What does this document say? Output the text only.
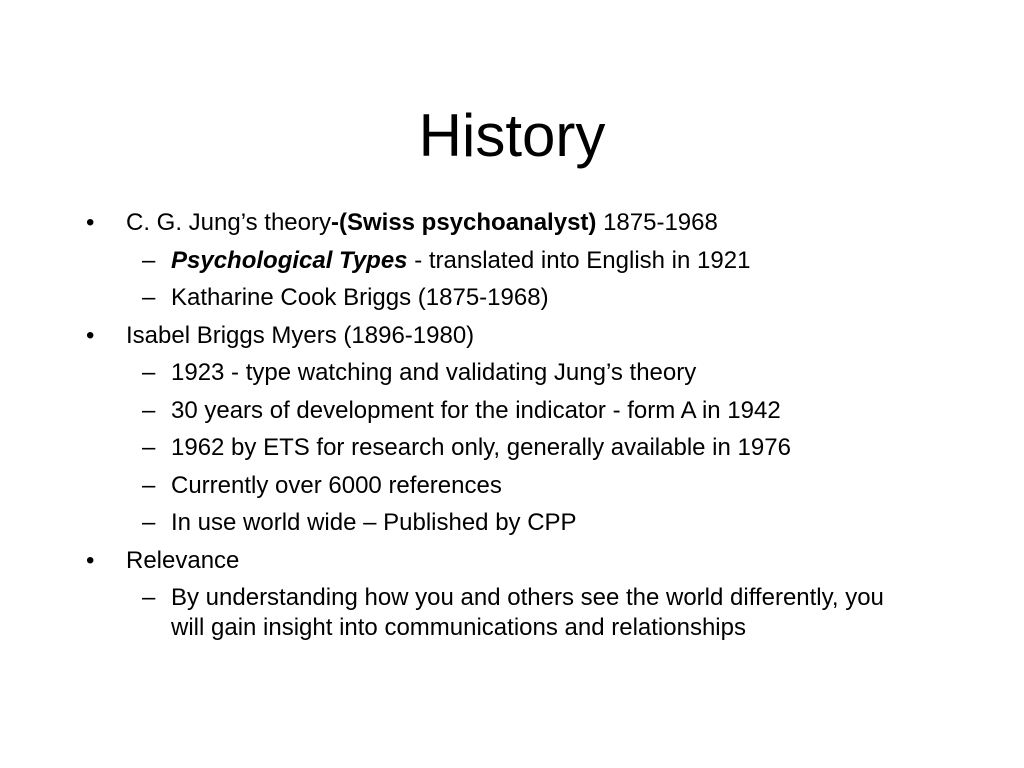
History
• C. G. Jung’s theory-(Swiss psychoanalyst) 1875-1968
– Psychological Types - translated into English in 1921
– Katharine Cook Briggs (1875-1968)
• Isabel Briggs Myers (1896-1980)
– 1923 - type watching and validating Jung’s theory
– 30 years of development for the indicator - form A in 1942
– 1962 by ETS for research only, generally available in 1976
– Currently over 6000 references
– In use world wide – Published by CPP
• Relevance
– By understanding how you and others see the world differently, you will gain insight into communications and relationships
